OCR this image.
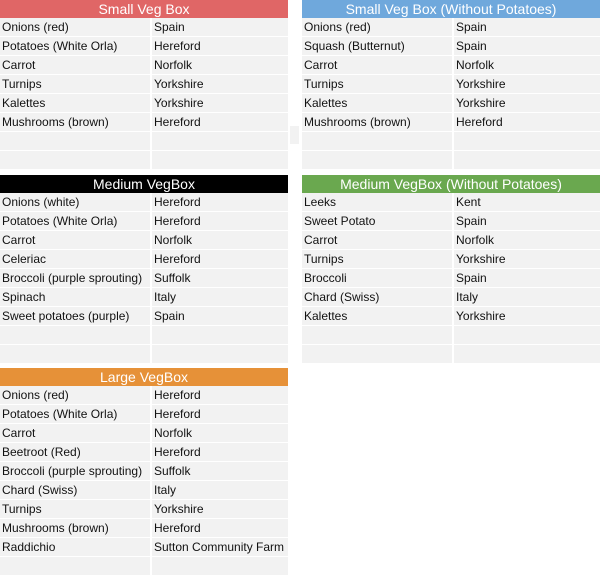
Small Veg Box
Onions (red)	Spain
Potatoes (White Orla)	Hereford
Carrot	Norfolk
Turnips	Yorkshire
Kalettes	Yorkshire
Mushrooms (brown)	Hereford
Small Veg Box (Without Potatoes)
Onions (red)	Spain
Squash (Butternut)	Spain
Carrot	Norfolk
Turnips	Yorkshire
Kalettes	Yorkshire
Mushrooms (brown)	Hereford
Medium VegBox
Onions (white)	Hereford
Potatoes (White Orla)	Hereford
Carrot	Norfolk
Celeriac	Hereford
Broccoli (purple sprouting) Suffolk
Spinach	Italy
Sweet potatoes (purple)	Spain
Medium VegBox (Without Potatoes)
Leeks	Kent
Sweet Potato	Spain
Carrot	Norfolk
Turnips	Yorkshire
Broccoli	Spain
Chard (Swiss)	Italy
Kalettes	Yorkshire
Large VegBox
Onions (red)	Hereford
Potatoes (White Orla)	Hereford
Carrot	Norfolk
Beetroot (Red)	Hereford
Broccoli (purple sprouting) Suffolk
Chard (Swiss)	Italy
Turnips	Yorkshire
Mushrooms (brown)	Hereford
Raddichio	Sutton Community Farm
